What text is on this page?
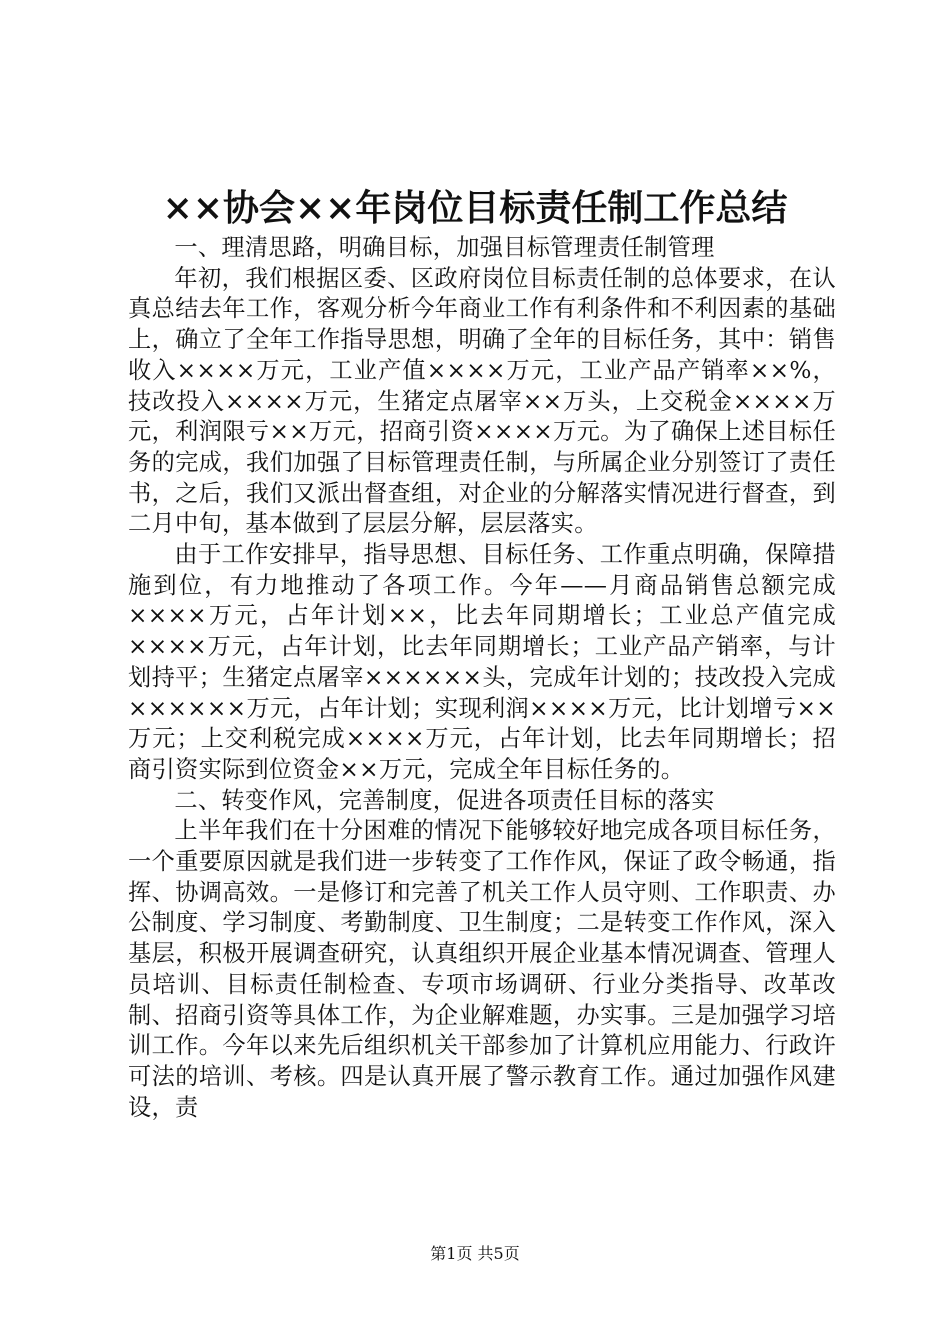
××协会××年岗位目标责任制工作总结

一、理清思路，明确目标，加强目标管理责任制管理

年初，我们根据区委、区政府岗位目标责任制的总体要求，在认真总结去年工作，客观分析今年商业工作有利条件和不利因素的基础上，确立了全年工作指导思想，明确了全年的目标任务，其中：销售收入××××万元，工业产值××××万元，工业产品产销率××%，技改投入××××万元，生猪定点屠宰××万头，上交税金××××万元，利润限亏××万元，招商引资××××万元。为了确保上述目标任务的完成，我们加强了目标管理责任制，与所属企业分别签订了责任书，之后，我们又派出督查组，对企业的分解落实情况进行督查，到二月中旬，基本做到了层层分解，层层落实。

由于工作安排早，指导思想、目标任务、工作重点明确，保障措施到位，有力地推动了各项工作。今年——月商品销售总额完成××××万元，占年计划××，比去年同期增长；工业总产值完成××××万元，占年计划，比去年同期增长；工业产品产销率，与计划持平；生猪定点屠宰××××××头，完成年计划的；技改投入完成××××××万元，占年计划；实现利润××××万元，比计划增亏××万元；上交利税完成××××万元，占年计划，比去年同期增长；招商引资实际到位资金××万元，完成全年目标任务的。

二、转变作风，完善制度，促进各项责任目标的落实

上半年我们在十分困难的情况下能够较好地完成各项目标任务，一个重要原因就是我们进一步转变了工作作风，保证了政令畅通，指挥、协调高效。一是修订和完善了机关工作人员守则、工作职责、办公制度、学习制度、考勤制度、卫生制度；二是转变工作作风，深入基层，积极开展调查研究，认真组织开展企业基本情况调查、管理人员培训、目标责任制检查、专项市场调研、行业分类指导、改革改制、招商引资等具体工作，为企业解难题，办实事。三是加强学习培训工作。今年以来先后组织机关干部参加了计算机应用能力、行政许可法的培训、考核。四是认真开展了警示教育工作。通过加强作风建设，责

第1页 共5页
